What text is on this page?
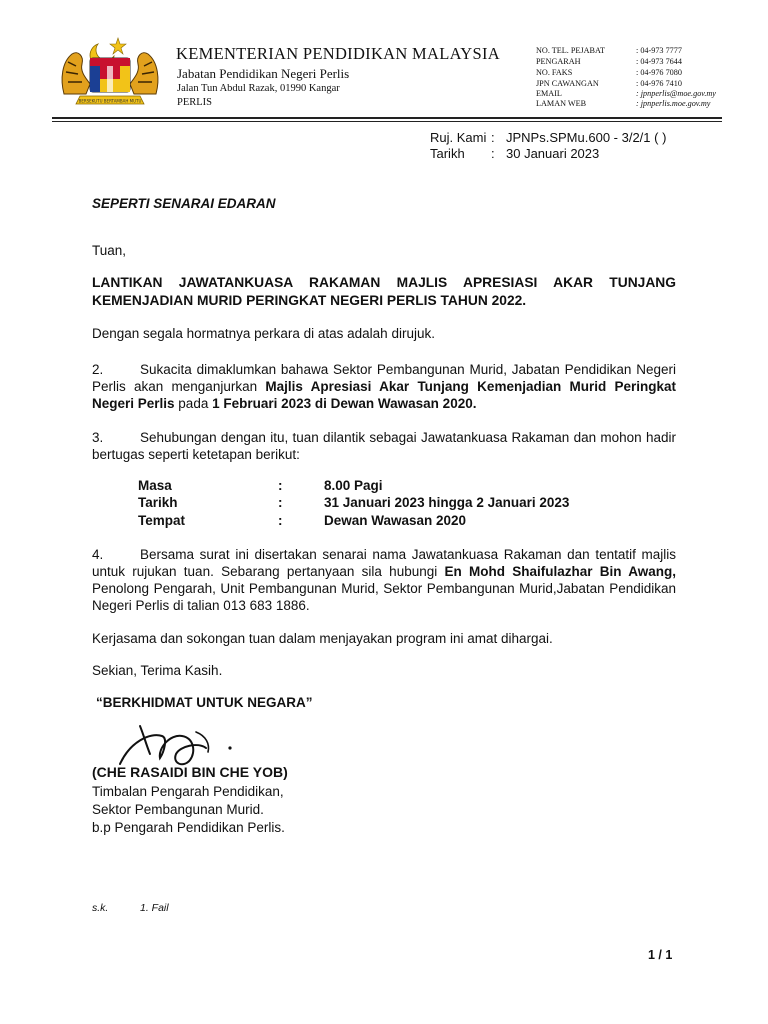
BERSEKUTU BERTAMBAH MUTU
KEMENTERIAN PENDIDIKAN MALAYSIA
Jabatan Pendidikan Negeri Perlis
Jalan Tun Abdul Razak, 01990 Kangar
PERLIS
NO. TEL. PEJABAT	: 04-973 7777
PENGARAH	: 04-973 7644
NO. FAKS	: 04-976 7080
JPN CAWANGAN	: 04-976 7410
EMAIL	: jpnperlis@moe.gov.my
LAMAN WEB	: jpnperlis.moe.gov.my
Ruj. Kami : JPNPs.SPMu.600 - 3/2/1 ( )
Tarikh	: 30 Januari 2023
SEPERTI SENARAI EDARAN
Tuan,
LANTIKAN JAWATANKUASA RAKAMAN MAJLIS APRESIASI AKAR TUNJANG KEMENJADIAN MURID PERINGKAT NEGERI PERLIS TAHUN 2022.
Dengan segala hormatnya perkara di atas adalah dirujuk.
2.	Sukacita dimaklumkan bahawa Sektor Pembangunan Murid, Jabatan Pendidikan Negeri Perlis akan menganjurkan Majlis Apresiasi Akar Tunjang Kemenjadian Murid Peringkat Negeri Perlis pada 1 Februari 2023 di Dewan Wawasan 2020.
3.	Sehubungan dengan itu, tuan dilantik sebagai Jawatankuasa Rakaman dan mohon hadir bertugas seperti ketetapan berikut:
Masa	:	8.00 Pagi
Tarikh	:	31 Januari 2023 hingga 2 Januari 2023
Tempat	:	Dewan Wawasan 2020
4.	Bersama surat ini disertakan senarai nama Jawatankuasa Rakaman dan tentatif majlis untuk rujukan tuan. Sebarang pertanyaan sila hubungi En Mohd Shaifulazhar Bin Awang, Penolong Pengarah, Unit Pembangunan Murid, Sektor Pembangunan Murid,Jabatan Pendidikan Negeri Perlis di talian 013 683 1886.
Kerjasama dan sokongan tuan dalam menjayakan program ini amat dihargai.
Sekian, Terima Kasih.
“BERKHIDMAT UNTUK NEGARA”
(CHE RASAIDI BIN CHE YOB)
Timbalan Pengarah Pendidikan,
Sektor Pembangunan Murid.
b.p Pengarah Pendidikan Perlis.
s.k.	1. Fail
1 / 1
